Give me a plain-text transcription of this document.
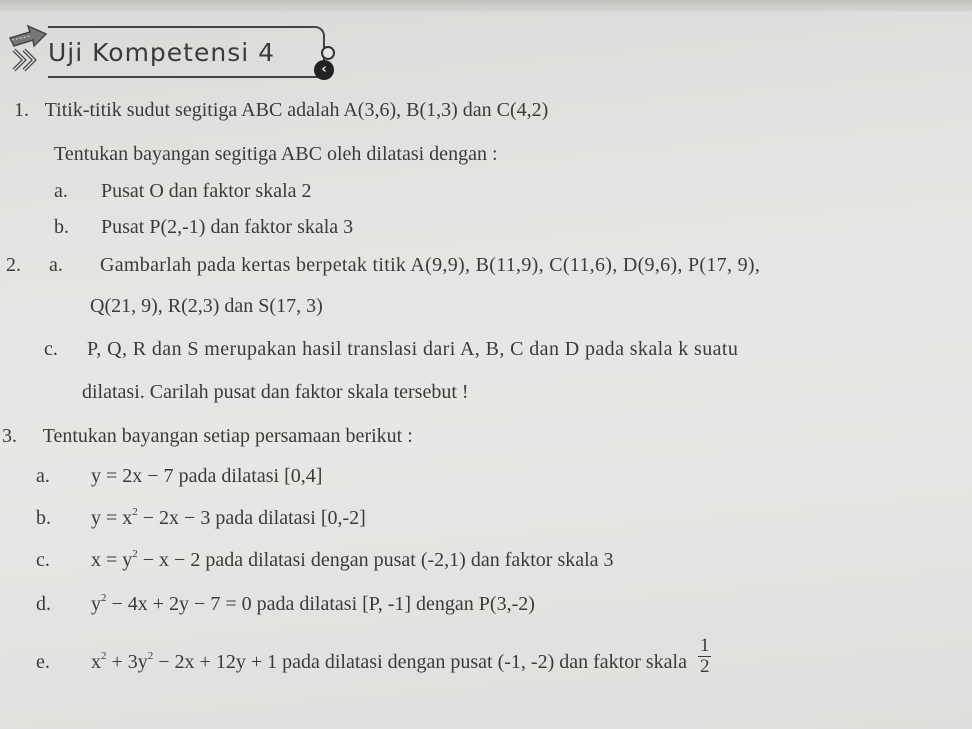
Uji Kompetensi 4
‹
1. Titik-titik sudut segitiga ABC adalah A(3,6), B(1,3) dan C(4,2)
Tentukan bayangan segitiga ABC oleh dilatasi dengan :
a. Pusat O dan faktor skala 2
b. Pusat P(2,-1) dan faktor skala 3
2. a. Gambarlah pada kertas berpetak titik A(9,9), B(11,9), C(11,6), D(9,6), P(17, 9),
Q(21, 9), R(2,3) dan S(17, 3)
c. P, Q, R dan S merupakan hasil translasi dari A, B, C dan D pada skala k suatu
dilatasi. Carilah pusat dan faktor skala tersebut !
3. Tentukan bayangan setiap persamaan berikut :
a. y = 2x − 7 pada dilatasi [0,4]
b. $y = x^2 - 2x - 3$ pada dilatasi [0,-2]
c. $x = y^2 - x - 2$ pada dilatasi dengan pusat (-2,1) dan faktor skala 3
d. $y^2 - 4x + 2y - 7 = 0$ pada dilatasi [P, -1] dengan P(3,-2)
e. $x^2 + 3y^2 - 2x + 12y + 1$ pada dilatasi dengan pusat (-1, -2) dan faktor skala $\frac{1}{2}$
